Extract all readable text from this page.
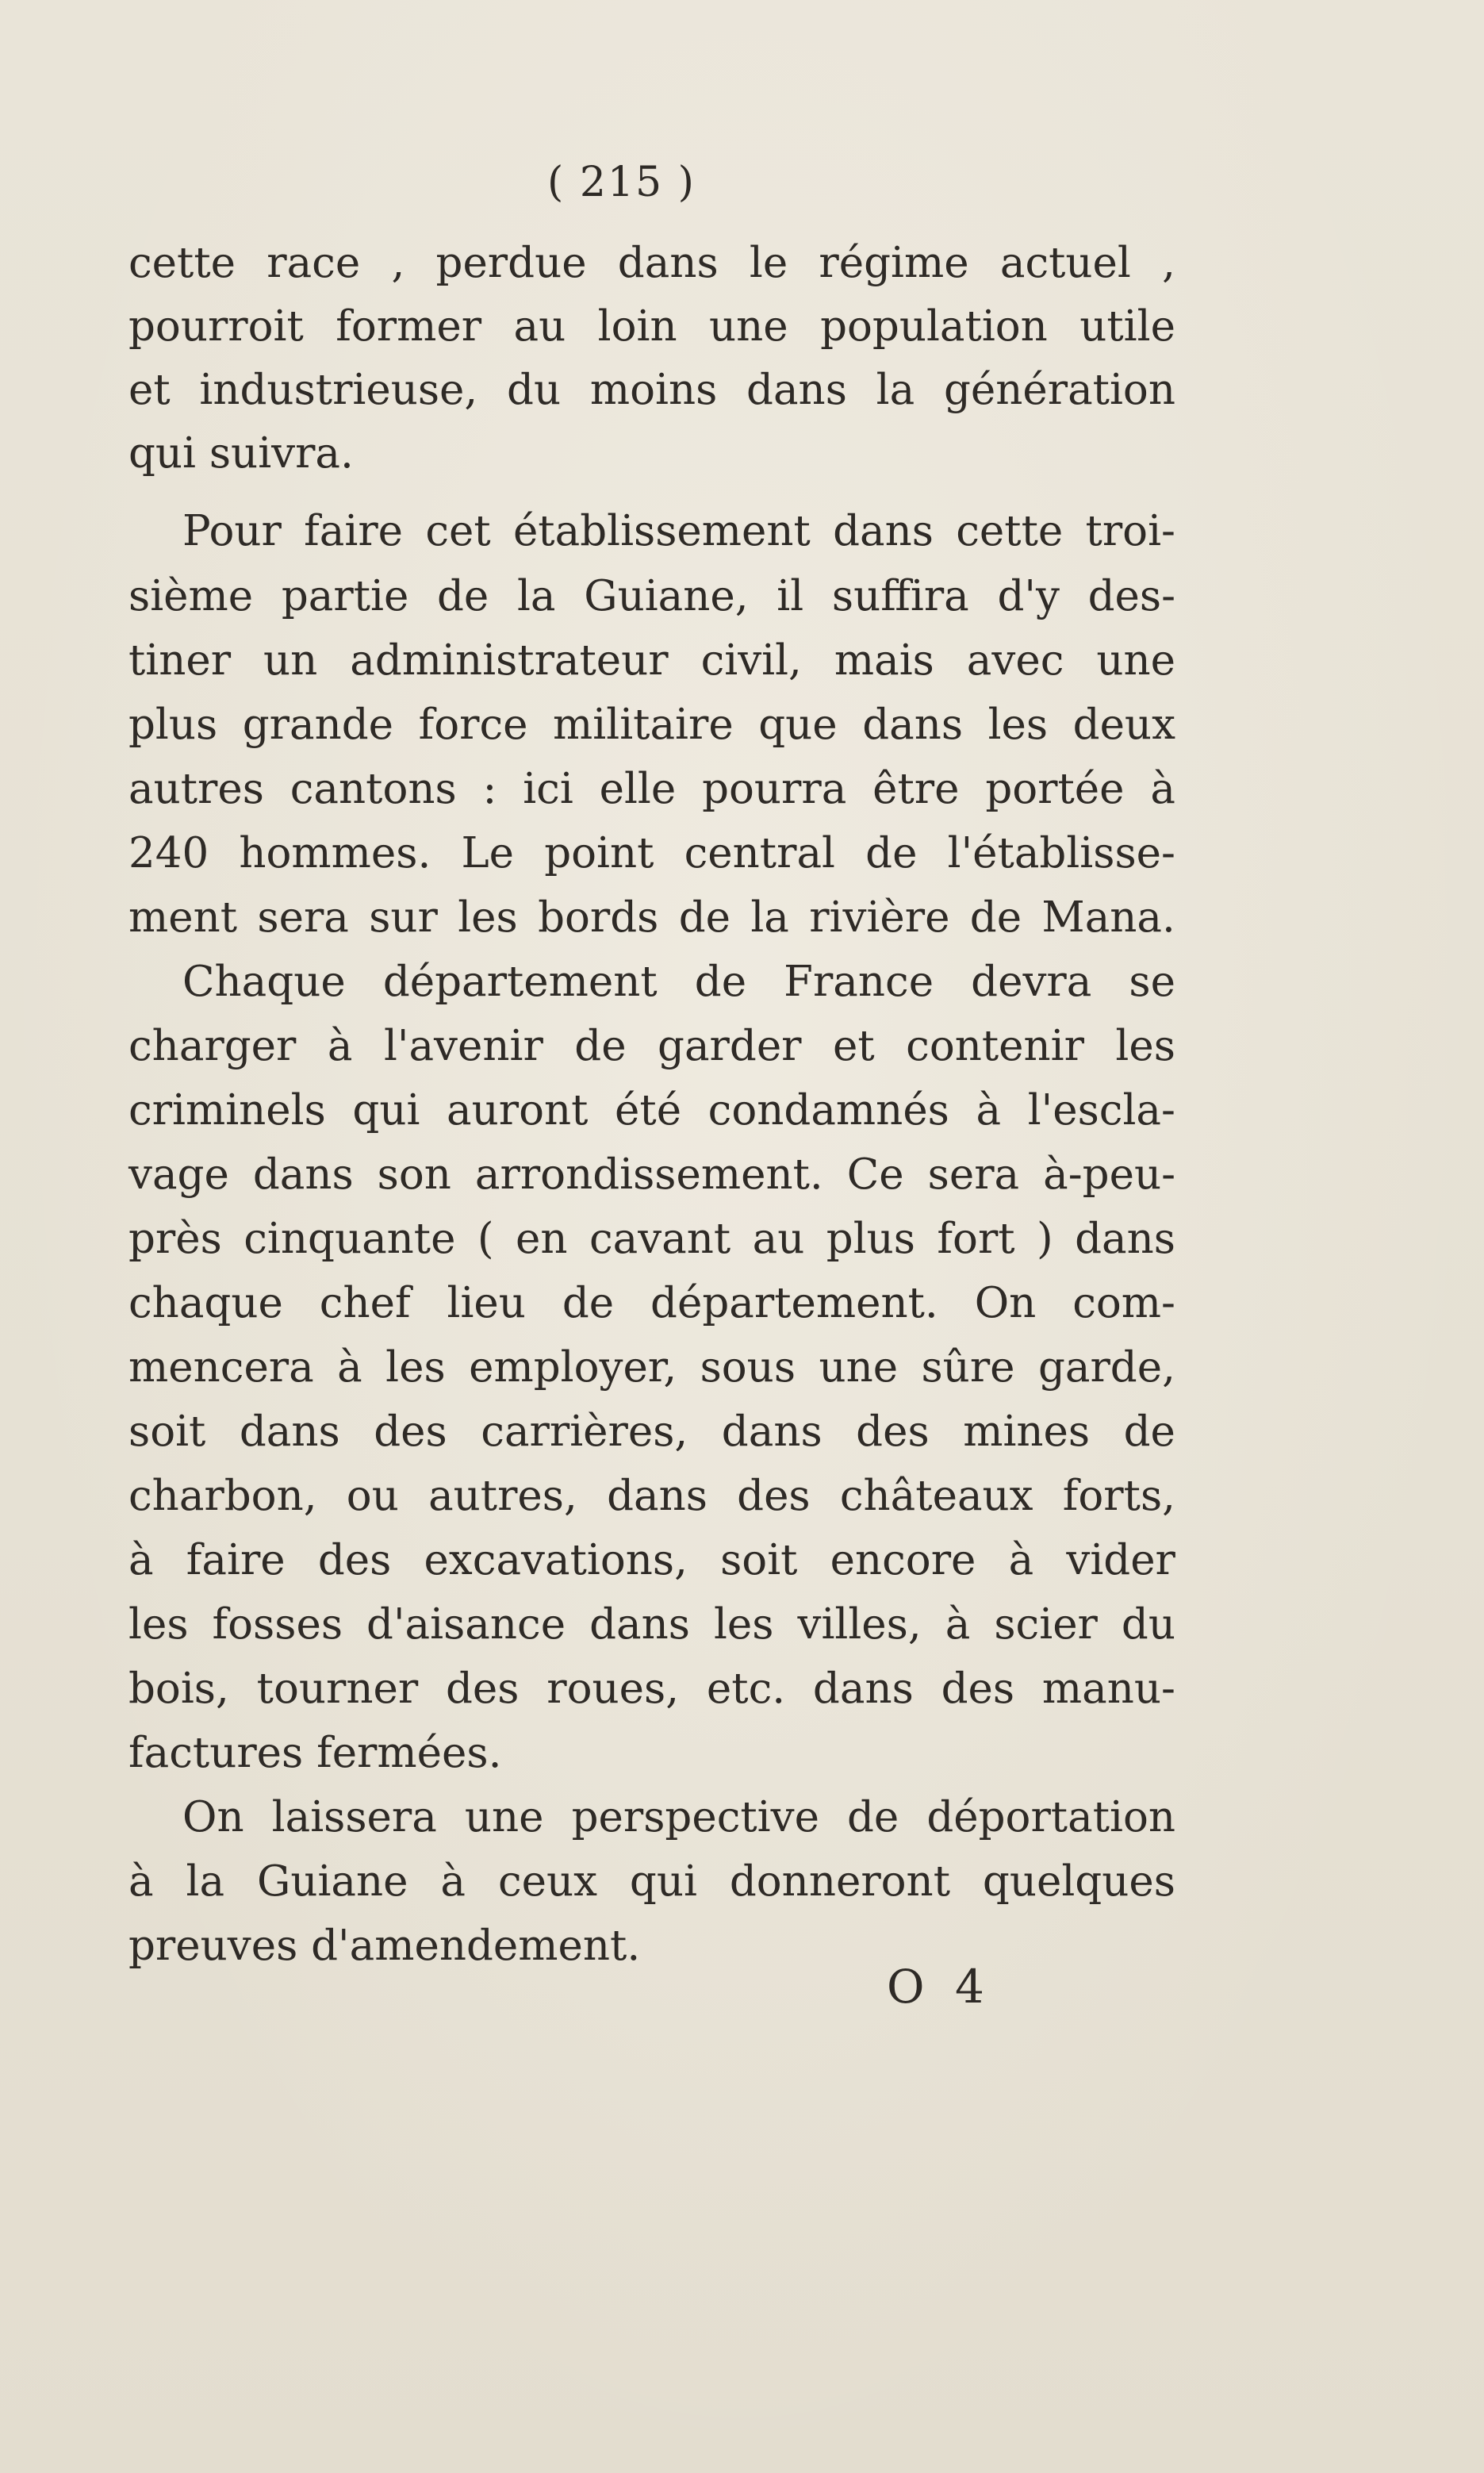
( 215 )
cette race , perdue dans le régime actuel ,
pourroit former au loin une population utile
et industrieuse, du moins dans la génération
qui suivra.
Pour faire cet établissement dans cette troi-
sième partie de la Guiane, il suffira d'y des-
tiner un administrateur civil, mais avec une
plus grande force militaire que dans les deux
autres cantons : ici elle pourra être portée à
240 hommes. Le point central de l'établisse-
ment sera sur les bords de la rivière de Mana.
Chaque département de France devra se
charger à l'avenir de garder et contenir les
criminels qui auront été condamnés à l'escla-
vage dans son arrondissement. Ce sera à-peu-
près cinquante ( en cavant au plus fort ) dans
chaque chef lieu de département. On com-
mencera à les employer, sous une sûre garde,
soit dans des carrières, dans des mines de
charbon, ou autres, dans des châteaux forts,
à faire des excavations, soit encore à vider
les fosses d'aisance dans les villes, à scier du
bois, tourner des roues, etc. dans des manu-
factures fermées.
On laissera une perspective de déportation
à la Guiane à ceux qui donneront quelques
preuves d'amendement.
O 4
